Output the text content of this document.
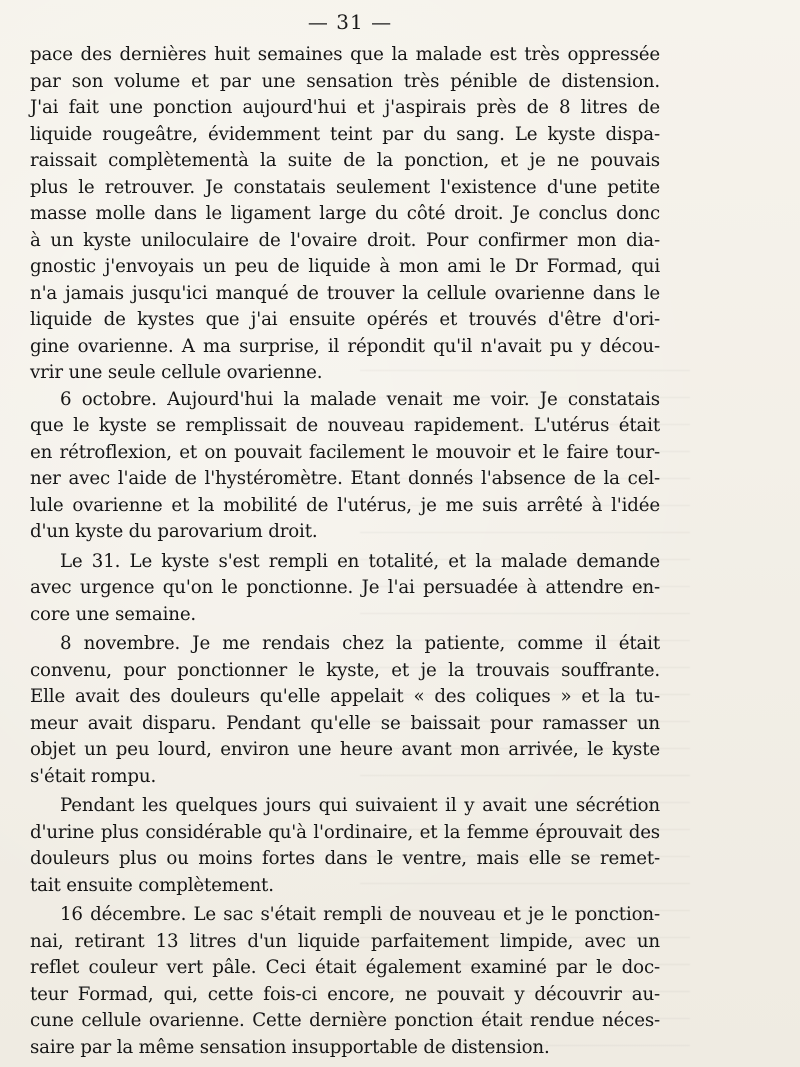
— 31 —
pace des dernières huit semaines que la malade est très oppressée
par son volume et par une sensation très pénible de distension.
J'ai fait une ponction aujourd'hui et j'aspirais près de 8 litres de
liquide rougeâtre, évidemment teint par du sang. Le kyste dispa-
raissait complètementà la suite de la ponction, et je ne pouvais
plus le retrouver. Je constatais seulement l'existence d'une petite
masse molle dans le ligament large du côté droit. Je conclus donc
à un kyste uniloculaire de l'ovaire droit. Pour confirmer mon dia-
gnostic j'envoyais un peu de liquide à mon ami le Dr Formad, qui
n'a jamais jusqu'ici manqué de trouver la cellule ovarienne dans le
liquide de kystes que j'ai ensuite opérés et trouvés d'être d'ori-
gine ovarienne. A ma surprise, il répondit qu'il n'avait pu y décou-
vrir une seule cellule ovarienne.
6 octobre. Aujourd'hui la malade venait me voir. Je constatais
que le kyste se remplissait de nouveau rapidement. L'utérus était
en rétroflexion, et on pouvait facilement le mouvoir et le faire tour-
ner avec l'aide de l'hystéromètre. Etant donnés l'absence de la cel-
lule ovarienne et la mobilité de l'utérus, je me suis arrêté à l'idée
d'un kyste du parovarium droit.
Le 31. Le kyste s'est rempli en totalité, et la malade demande
avec urgence qu'on le ponctionne. Je l'ai persuadée à attendre en-
core une semaine.
8 novembre. Je me rendais chez la patiente, comme il était
convenu, pour ponctionner le kyste, et je la trouvais souffrante.
Elle avait des douleurs qu'elle appelait « des coliques » et la tu-
meur avait disparu. Pendant qu'elle se baissait pour ramasser un
objet un peu lourd, environ une heure avant mon arrivée, le kyste
s'était rompu.
Pendant les quelques jours qui suivaient il y avait une sécrétion
d'urine plus considérable qu'à l'ordinaire, et la femme éprouvait des
douleurs plus ou moins fortes dans le ventre, mais elle se remet-
tait ensuite complètement.
16 décembre. Le sac s'était rempli de nouveau et je le ponction-
nai, retirant 13 litres d'un liquide parfaitement limpide, avec un
reflet couleur vert pâle. Ceci était également examiné par le doc-
teur Formad, qui, cette fois-ci encore, ne pouvait y découvrir au-
cune cellule ovarienne. Cette dernière ponction était rendue néces-
saire par la même sensation insupportable de distension.
